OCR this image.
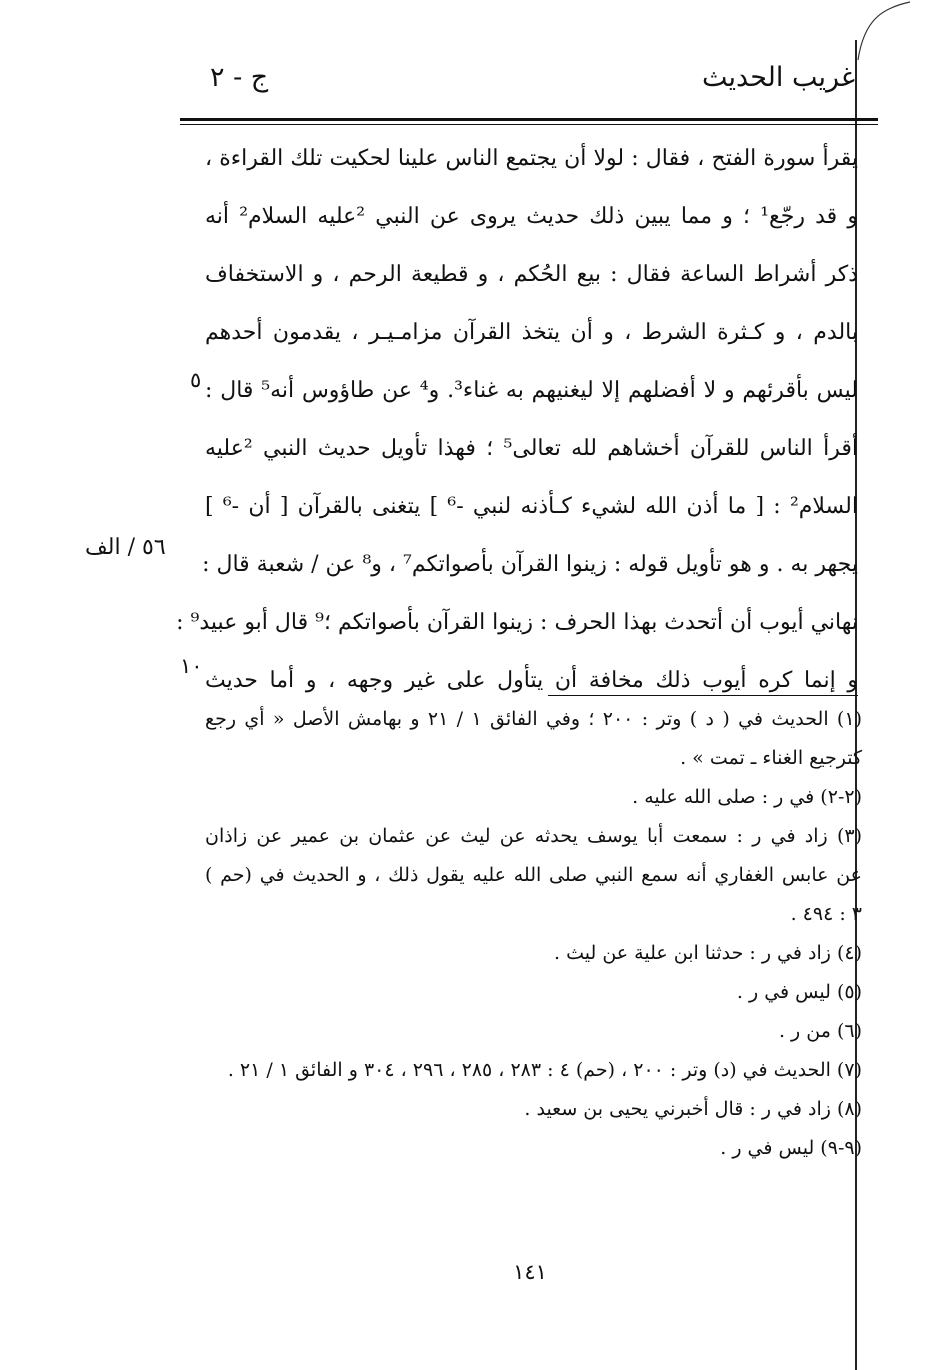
غريب الحديث
ج - ٢
يقرأ سورة الفتح ، فقال : لولا أن يجتمع الناس علينا لحكيت تلك القراءة ،
و قد رجّع¹ ؛ و مما يبين ذلك حديث يروى عن النبي ²عليه السلام² أنه
ذكر أشراط الساعة فقال : بيع الحُكم ، و قطيعة الرحم ، و الاستخفاف
بالدم ، و كـثرة الشرط ، و أن يتخذ القرآن مزامـيـر ، يقدمون أحدهم
ليس بأقرئهم و لا أفضلهم إلا ليغنيهم به غناء³. و⁴ عن طاؤوس أنه⁵ قال :
أقرأ الناس للقرآن أخشاهم لله تعالى⁵ ؛ فهذا تأويل حديث النبي ²عليه
السلام² : [ ما أذن الله لشيء كـأذنه لنبي -⁶ ] يتغنى بالقرآن [ أن -⁶ ]
يجهر به . و هو تأويل قوله : زينوا القرآن بأصواتكم⁷ ، و⁸ عن / شعبة قال :
نهاني أيوب أن أتحدث بهذا الحرف : زينوا القرآن بأصواتكم ؛⁹ قال أبو عبيد⁹ :
و إنما كره أيوب ذلك مخافة أن يتأول على غير وجهه ، و أما حديث
٥
١٠
٥٦ / الف
(١) الحديث في ( د ) وتر : ٢٠٠ ؛ وفي الفائق ١ / ٢١ و بهامش الأصل « أي رجع
كترجيع الغناء ـ تمت » .
(٢-٢) في ر : صلى الله عليه .
(٣) زاد في ر : سمعت أبا يوسف يحدثه عن ليث عن عثمان بن عمير عن زاذان
عن عابس الغفاري أنه سمع النبي صلى الله عليه يقول ذلك ، و الحديث في (حم )
٣ : ٤٩٤ .
(٤) زاد في ر : حدثنا ابن علية عن ليث .
(٥) ليس في ر .
(٦) من ر .
(٧) الحديث في (د) وتر : ٢٠٠ ، (حم) ٤ : ٢٨٣ ، ٢٨٥ ، ٢٩٦ ، ٣٠٤ و الفائق ١ / ٢١ .
(٨) زاد في ر : قال أخبرني يحيى بن سعيد .
(٩-٩) ليس في ر .
١٤١
